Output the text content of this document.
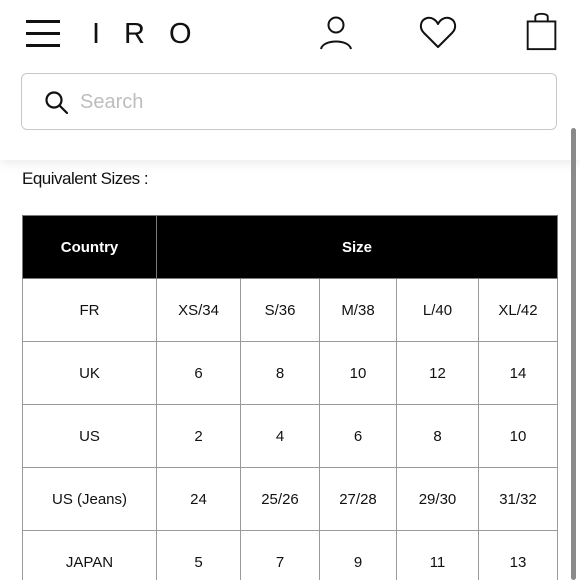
IRO
Search
Equivalent Sizes :
Country	Size				
FR	XS/34	S/36	M/38	L/40	XL/42
UK	6	8	10	12	14
US	2	4	6	8	10
US (Jeans)	24	25/26	27/28	29/30	31/32
JAPAN	5	7	9	11	13
